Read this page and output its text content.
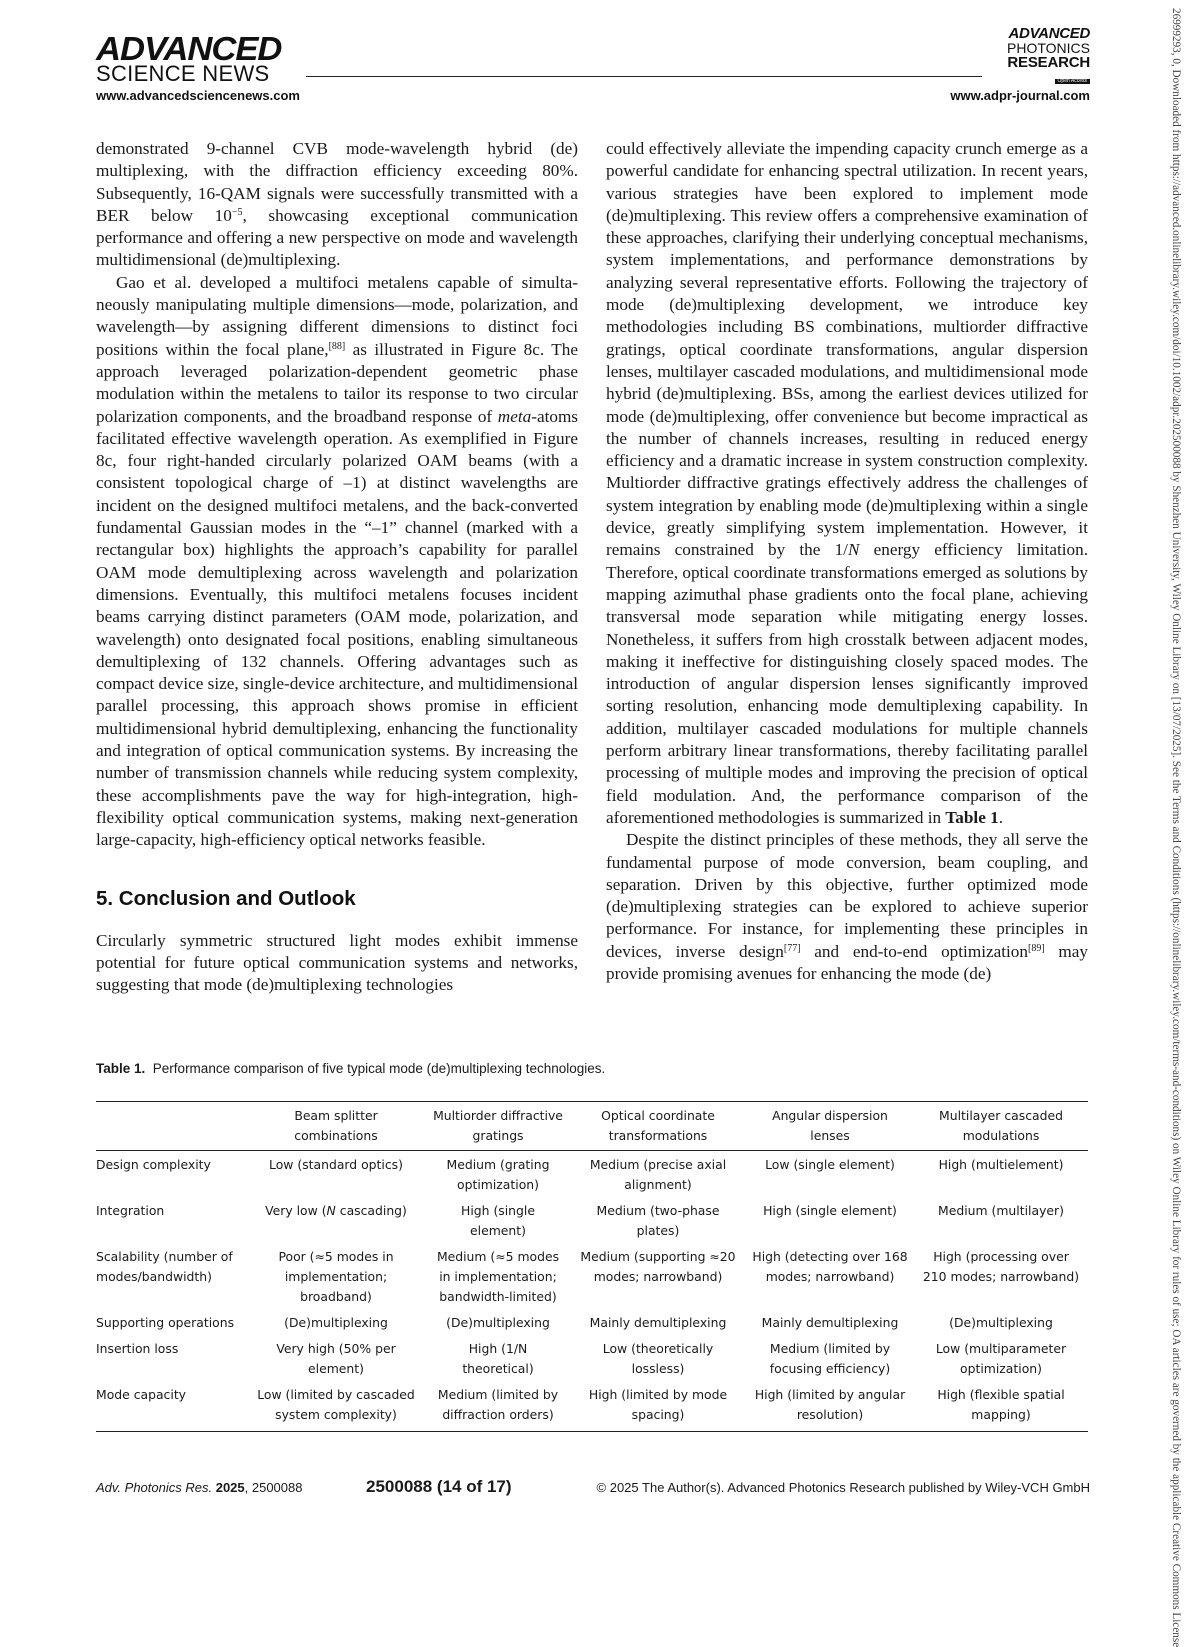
ADVANCED
SCIENCE NEWS
ADVANCED
PHOTONICS
RESEARCH
Open Access
www.advancedsciencenews.com	www.adpr-journal.com

demonstrated 9-channel CVB mode-wavelength hybrid (de) multiplexing, with the diffraction efficiency exceeding 80%. Subsequently, 16-QAM signals were successfully transmitted with a BER below $10^{-5}$, showcasing exceptional communication performance and offering a new perspective on mode and wavelength multidimensional (de)multiplexing.

Gao et al. developed a multifoci metalens capable of simultaneously manipulating multiple dimensions—mode, polarization, and wavelength—by assigning different dimensions to distinct foci positions within the focal plane,[88] as illustrated in Figure 8c. The approach leveraged polarization-dependent geometric phase modulation within the metalens to tailor its response to two circular polarization components, and the broadband response of meta-atoms facilitated effective wavelength operation. As exemplified in Figure 8c, four right-handed circularly polarized OAM beams (with a consistent topological charge of –1) at distinct wavelengths are incident on the designed multifoci metalens, and the back-converted fundamental Gaussian modes in the “–1” channel (marked with a rectangular box) highlights the approach’s capability for parallel OAM mode demultiplexing across wavelength and polarization dimensions. Eventually, this multifoci metalens focuses incident beams carrying distinct parameters (OAM mode, polarization, and wavelength) onto designated focal positions, enabling simultaneous demultiplexing of 132 channels. Offering advantages such as compact device size, single-device architecture, and multidimensional parallel processing, this approach shows promise in efficient multidimensional hybrid demultiplexing, enhancing the functionality and integration of optical communication systems. By increasing the number of transmission channels while reducing system complexity, these accomplishments pave the way for high-integration, high-flexibility optical communication systems, making next-generation large-capacity, high-efficiency optical networks feasible.

5. Conclusion and Outlook

Circularly symmetric structured light modes exhibit immense potential for future optical communication systems and networks, suggesting that mode (de)multiplexing technologies

could effectively alleviate the impending capacity crunch emerge as a powerful candidate for enhancing spectral utilization. In recent years, various strategies have been explored to implement mode (de)multiplexing. This review offers a comprehensive examination of these approaches, clarifying their underlying conceptual mechanisms, system implementations, and performance demonstrations by analyzing several representative efforts. Following the trajectory of mode (de)multiplexing development, we introduce key methodologies including BS combinations, multiorder diffractive gratings, optical coordinate transformations, angular dispersion lenses, multilayer cascaded modulations, and multidimensional mode hybrid (de)multiplexing. BSs, among the earliest devices utilized for mode (de)multiplexing, offer convenience but become impractical as the number of channels increases, resulting in reduced energy efficiency and a dramatic increase in system construction complexity. Multiorder diffractive gratings effectively address the challenges of system integration by enabling mode (de)multiplexing within a single device, greatly simplifying system implementation. However, it remains constrained by the 1/N energy efficiency limitation. Therefore, optical coordinate transformations emerged as solutions by mapping azimuthal phase gradients onto the focal plane, achieving transversal mode separation while mitigating energy losses. Nonetheless, it suffers from high crosstalk between adjacent modes, making it ineffective for distinguishing closely spaced modes. The introduction of angular dispersion lenses significantly improved sorting resolution, enhancing mode demultiplexing capability. In addition, multilayer cascaded modulations for multiple channels perform arbitrary linear transformations, thereby facilitating parallel processing of multiple modes and improving the precision of optical field modulation. And, the performance comparison of the aforementioned methodologies is summarized in Table 1.

Despite the distinct principles of these methods, they all serve the fundamental purpose of mode conversion, beam coupling, and separation. Driven by this objective, further optimized mode (de)multiplexing strategies can be explored to achieve superior performance. For instance, for implementing these principles in devices, inverse design[77] and end-to-end optimization[89] may provide promising avenues for enhancing the mode (de)

Table 1. Performance comparison of five typical mode (de)multiplexing technologies.
	Beam splitter combinations	Multiorder diffractive gratings	Optical coordinate transformations	Angular dispersion lenses	Multilayer cascaded modulations
Design complexity	Low (standard optics)	Medium (grating optimization)	Medium (precise axial alignment)	Low (single element)	High (multielement)
Integration	Very low (N cascading)	High (single element)	Medium (two-phase plates)	High (single element)	Medium (multilayer)
Scalability (number of modes/bandwidth)	Poor (≈5 modes in implementation; broadband)	Medium (≈5 modes in implementation; bandwidth-limited)	Medium (supporting ≈20 modes; narrowband)	High (detecting over 168 modes; narrowband)	High (processing over 210 modes; narrowband)
Supporting operations	(De)multiplexing	(De)multiplexing	Mainly demultiplexing	Mainly demultiplexing	(De)multiplexing
Insertion loss	Very high (50% per element)	High (1/N theoretical)	Low (theoretically lossless)	Medium (limited by focusing efficiency)	Low (multiparameter optimization)
Mode capacity	Low (limited by cascaded system complexity)	Medium (limited by diffraction orders)	High (limited by mode spacing)	High (limited by angular resolution)	High (flexible spatial mapping)
Adv. Photonics Res. 2025, 2500088	2500088 (14 of 17)	© 2025 The Author(s). Advanced Photonics Research published by Wiley-VCH GmbH	26999293, 0, Downloaded from https://advanced.onlinelibrary.wiley.com/doi/10.1002/adpr.202500088 by Shenzhen University, Wiley Online Library on [13/07/2025]. See the Terms and Conditions (https://onlinelibrary.wiley.com/terms-and-conditions) on Wiley Online Library for rules of use; OA articles are governed by the applicable Creative Commons License
